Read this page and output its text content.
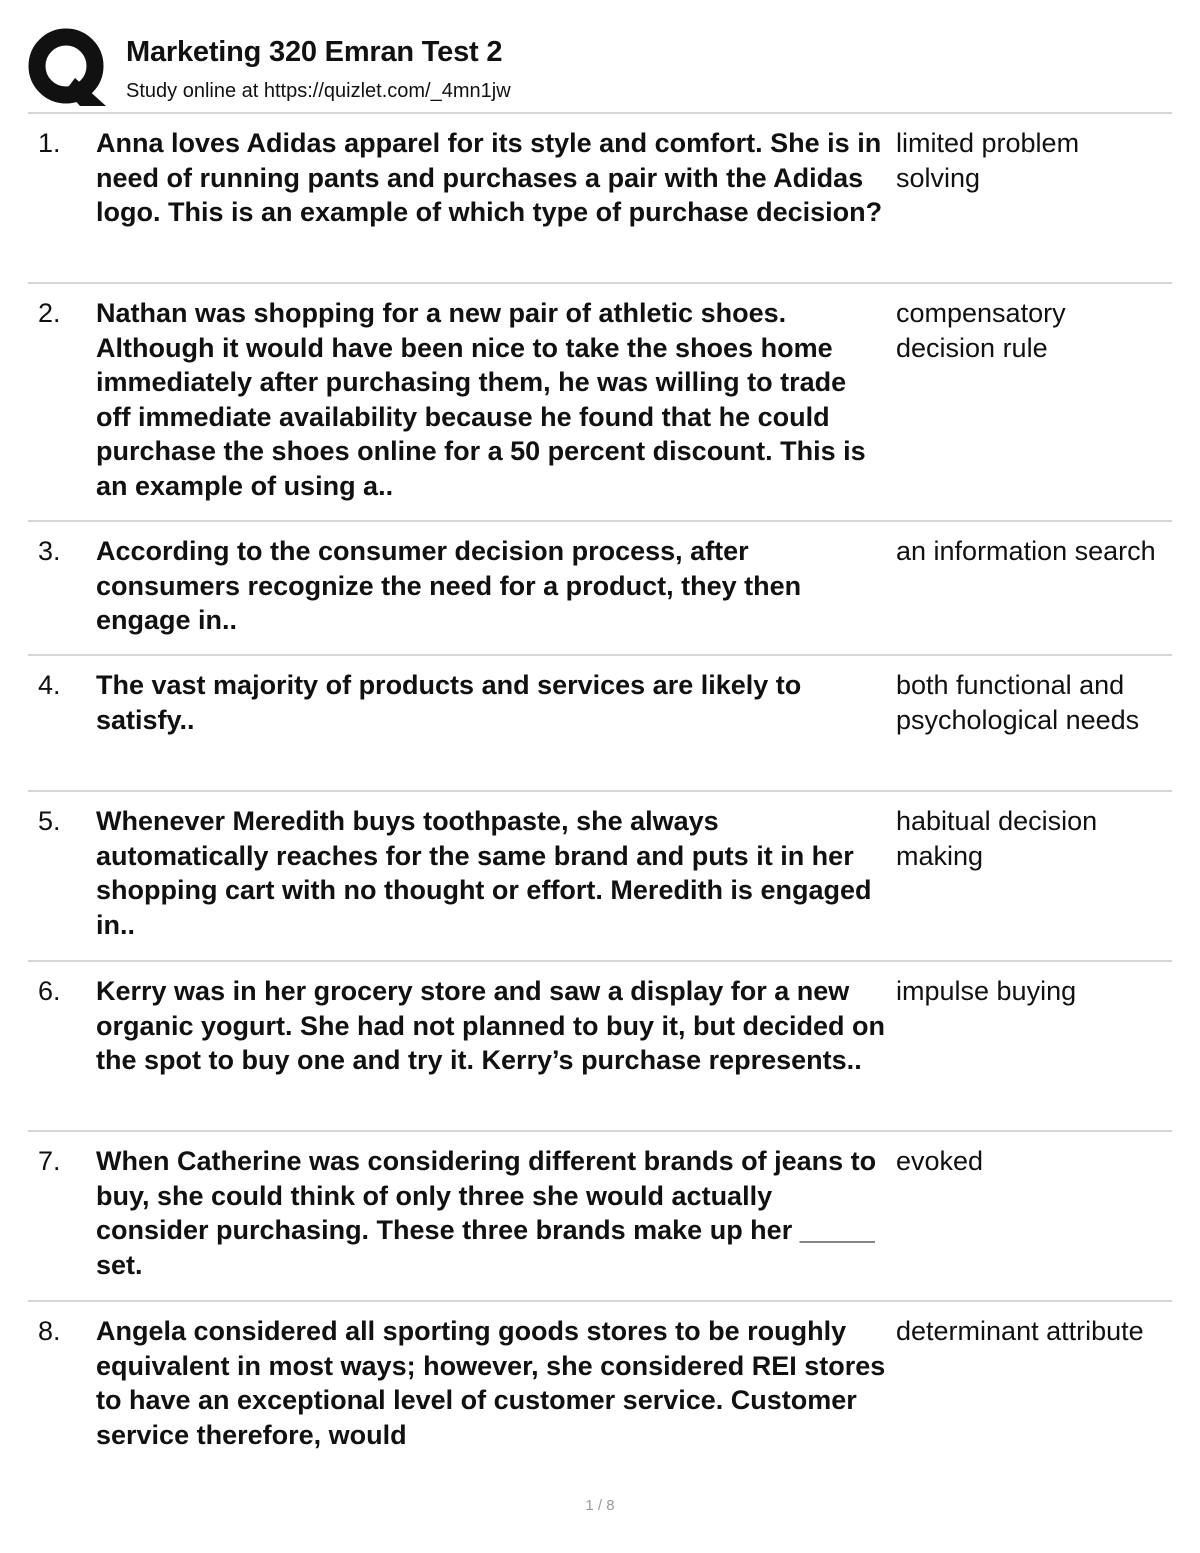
Marketing 320 Emran Test 2
Study online at https://quizlet.com/_4mn1jw
1. Anna loves Adidas apparel for its style and comfort. She is in need of running pants and purchases a pair with the Adidas logo. This is an example of which type of purchase decision?
limited problem solving
2. Nathan was shopping for a new pair of athletic shoes. Although it would have been nice to take the shoes home immediately after purchasing them, he was willing to trade off immediate availability because he found that he could purchase the shoes online for a 50 percent discount. This is an example of using a..
compensatory decision rule
3. According to the consumer decision process, after consumers recognize the need for a product, they then engage in..
an information search
4. The vast majority of products and services are likely to satisfy..
both functional and psychological needs
5. Whenever Meredith buys toothpaste, she always automatically reaches for the same brand and puts it in her shopping cart with no thought or effort. Meredith is engaged in..
habitual decision making
6. Kerry was in her grocery store and saw a display for a new organic yogurt. She had not planned to buy it, but decided on the spot to buy one and try it. Kerry’s purchase represents..
impulse buying
7. When Catherine was considering different brands of jeans to buy, she could think of only three she would actually consider purchasing. These three brands make up her _____ set.
evoked
8. Angela considered all sporting goods stores to be roughly equivalent in most ways; however, she considered REI stores to have an exceptional level of customer service. Customer service therefore, would
determinant attribute
1 / 8
